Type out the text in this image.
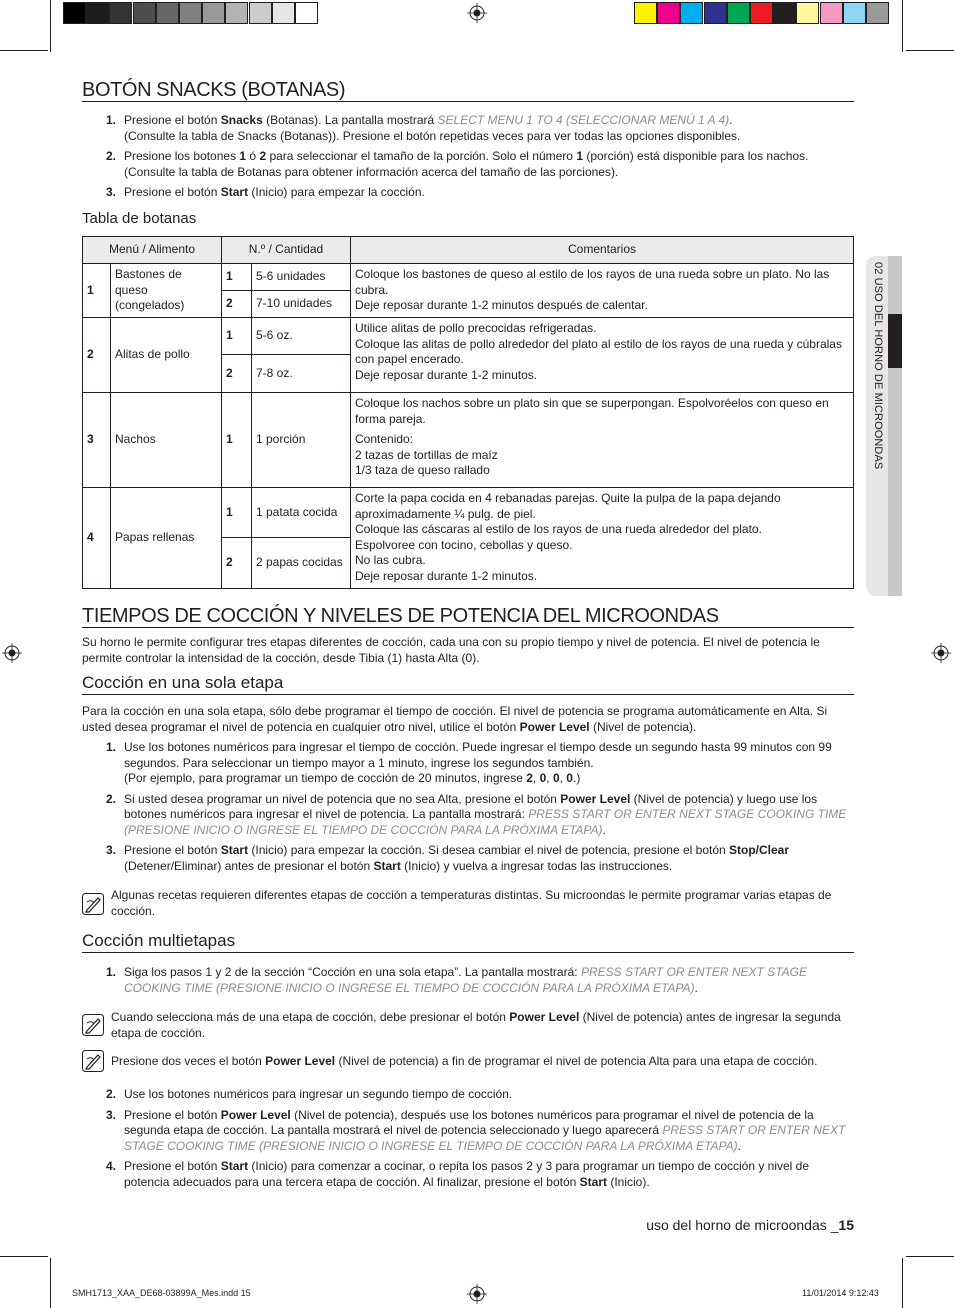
02 USO DEL HORNO DE MICROONDAS
BOTÓN SNACKS (BOTANAS)
1. Presione el botón Snacks (Botanas). La pantalla mostrará SELECT MENU 1 TO 4 (SELECCIONAR MENÚ 1 A 4).
(Consulte la tabla de Snacks (Botanas)). Presione el botón repetidas veces para ver todas las opciones disponibles.
2. Presione los botones 1 ó 2 para seleccionar el tamaño de la porción. Solo el número 1 (porción) está disponible para los nachos.
(Consulte la tabla de Botanas para obtener información acerca del tamaño de las porciones).
3. Presione el botón Start (Inicio) para empezar la cocción.
Tabla de botanas
Menú / Alimento		N.º / Cantidad		Comentarios
1	Bastones de queso (congelados)	1	5-6 unidades	Coloque los bastones de queso al estilo de los rayos de una rueda sobre un plato. No las cubra.
Deje reposar durante 1-2 minutos después de calentar.
		2	7-10 unidades	
2	Alitas de pollo	1	5-6 oz.	Utilice alitas de pollo precocidas refrigeradas.
Coloque las alitas de pollo alrededor del plato al estilo de los rayos de una rueda y cúbralas con papel encerado.
Deje reposar durante 1-2 minutos.
		2	7-8 oz.	
3	Nachos	1	1 porción	Coloque los nachos sobre un plato sin que se superpongan. Espolvoréelos con queso en forma pareja.
Contenido:
2 tazas de tortillas de maíz
1/3 taza de queso rallado
4	Papas rellenas	1	1 patata cocida	Corte la papa cocida en 4 rebanadas parejas. Quite la pulpa de la papa dejando aproximadamente ¼ pulg. de piel.
Coloque las cáscaras al estilo de los rayos de una rueda alrededor del plato.
Espolvoree con tocino, cebollas y queso.
No las cubra.
Deje reposar durante 1-2 minutos.
		2	2 papas cocidas	
TIEMPOS DE COCCIÓN Y NIVELES DE POTENCIA DEL MICROONDAS
Su horno le permite configurar tres etapas diferentes de cocción, cada una con su propio tiempo y nivel de potencia. El nivel de potencia le permite controlar la intensidad de la cocción, desde Tibia (1) hasta Alta (0).
Cocción en una sola etapa
Para la cocción en una sola etapa, sólo debe programar el tiempo de cocción. El nivel de potencia se programa automáticamente en Alta. Si usted desea programar el nivel de potencia en cualquier otro nivel, utilice el botón Power Level (Nivel de potencia).
1. Use los botones numéricos para ingresar el tiempo de cocción. Puede ingresar el tiempo desde un segundo hasta 99 minutos con 99 segundos. Para seleccionar un tiempo mayor a 1 minuto, ingrese los segundos también.
(Por ejemplo, para programar un tiempo de cocción de 20 minutos, ingrese 2, 0, 0, 0.)
2. Si usted desea programar un nivel de potencia que no sea Alta, presione el botón Power Level (Nivel de potencia) y luego use los botones numéricos para ingresar el nivel de potencia. La pantalla mostrará: PRESS START OR ENTER NEXT STAGE COOKING TIME (PRESIONE INICIO O INGRESE EL TIEMPO DE COCCIÓN PARA LA PRÓXIMA ETAPA).
3. Presione el botón Start (Inicio) para empezar la cocción. Si desea cambiar el nivel de potencia, presione el botón Stop/Clear (Detener/Eliminar) antes de presionar el botón Start (Inicio) y vuelva a ingresar todas las instrucciones.
Algunas recetas requieren diferentes etapas de cocción a temperaturas distintas. Su microondas le permite programar varias etapas de cocción.
Cocción multietapas
1. Siga los pasos 1 y 2 de la sección “Cocción en una sola etapa”. La pantalla mostrará: PRESS START OR ENTER NEXT STAGE COOKING TIME (PRESIONE INICIO O INGRESE EL TIEMPO DE COCCIÓN PARA LA PRÓXIMA ETAPA).
Cuando selecciona más de una etapa de cocción, debe presionar el botón Power Level (Nivel de potencia) antes de ingresar la segunda etapa de cocción.
Presione dos veces el botón Power Level (Nivel de potencia) a fin de programar el nivel de potencia Alta para una etapa de cocción.
2. Use los botones numéricos para ingresar un segundo tiempo de cocción.
3. Presione el botón Power Level (Nivel de potencia), después use los botones numéricos para programar el nivel de potencia de la segunda etapa de cocción. La pantalla mostrará el nivel de potencia seleccionado y luego aparecerá PRESS START OR ENTER NEXT STAGE COOKING TIME (PRESIONE INICIO O INGRESE EL TIEMPO DE COCCIÓN PARA LA PRÓXIMA ETAPA).
4. Presione el botón Start (Inicio) para comenzar a cocinar, o repita los pasos 2 y 3 para programar un tiempo de cocción y nivel de potencia adecuados para una tercera etapa de cocción. Al finalizar, presione el botón Start (Inicio).
uso del horno de microondas _15
SMH1713_XAA_DE68-03899A_Mes.indd 15	11/01/2014 9:12:43
